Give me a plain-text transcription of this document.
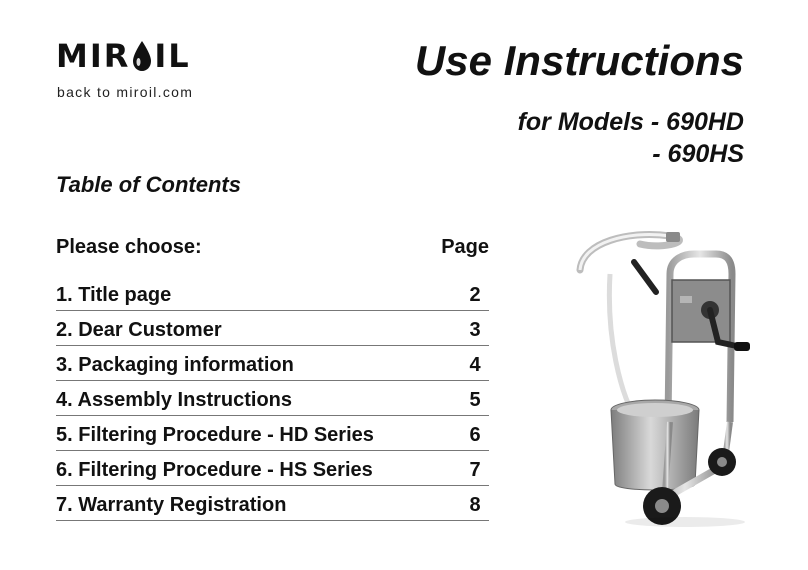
MIR IL
back to miroil.com
Use Instructions
for Models - 690HD
- 690HS
Table of Contents
Please choose:	Page
1. Title page	2
2. Dear Customer	3
3. Packaging information	4
4. Assembly Instructions	5
5. Filtering Procedure - HD Series	6
6. Filtering Procedure - HS Series	7
7. Warranty Registration	8
